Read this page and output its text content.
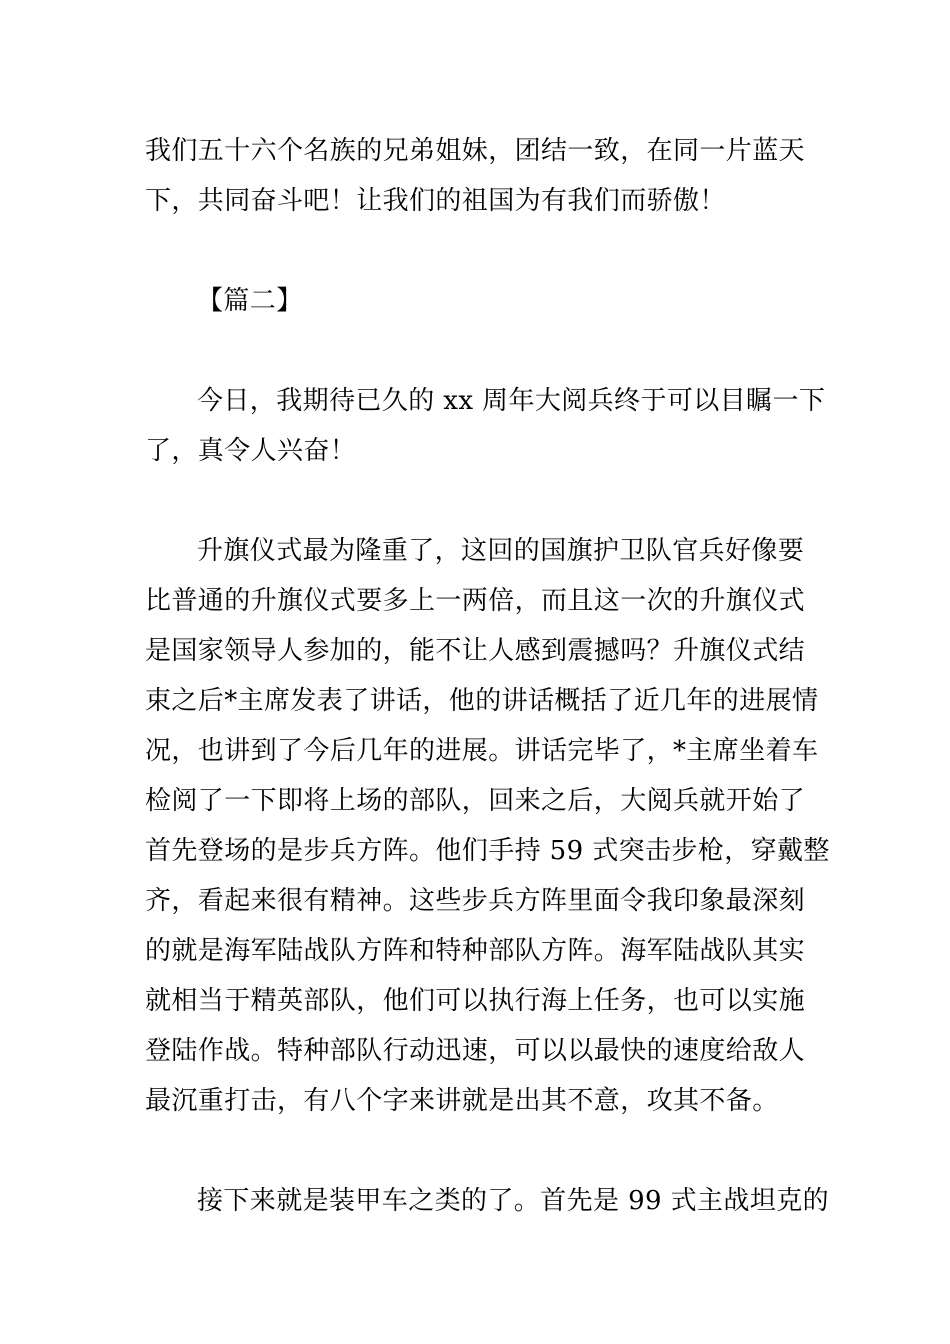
我们五十六个名族的兄弟姐妹，团结一致，在同一片蓝天
下，共同奋斗吧！让我们的祖国为有我们而骄傲！
【篇二】
今日，我期待已久的 xx 周年大阅兵终于可以目瞩一下
了，真令人兴奋！
升旗仪式最为隆重了，这回的国旗护卫队官兵好像要
比普通的升旗仪式要多上一两倍，而且这一次的升旗仪式
是国家领导人参加的，能不让人感到震撼吗？升旗仪式结
束之后*主席发表了讲话，他的讲话概括了近几年的进展情
况，也讲到了今后几年的进展。讲话完毕了，*主席坐着车
检阅了一下即将上场的部队，回来之后，大阅兵就开始了
首先登场的是步兵方阵。他们手持 59 式突击步枪，穿戴整
齐，看起来很有精神。这些步兵方阵里面令我印象最深刻
的就是海军陆战队方阵和特种部队方阵。海军陆战队其实
就相当于精英部队，他们可以执行海上任务，也可以实施
登陆作战。特种部队行动迅速，可以以最快的速度给敌人
最沉重打击，有八个字来讲就是出其不意，攻其不备。
接下来就是装甲车之类的了。首先是 99 式主战坦克的
